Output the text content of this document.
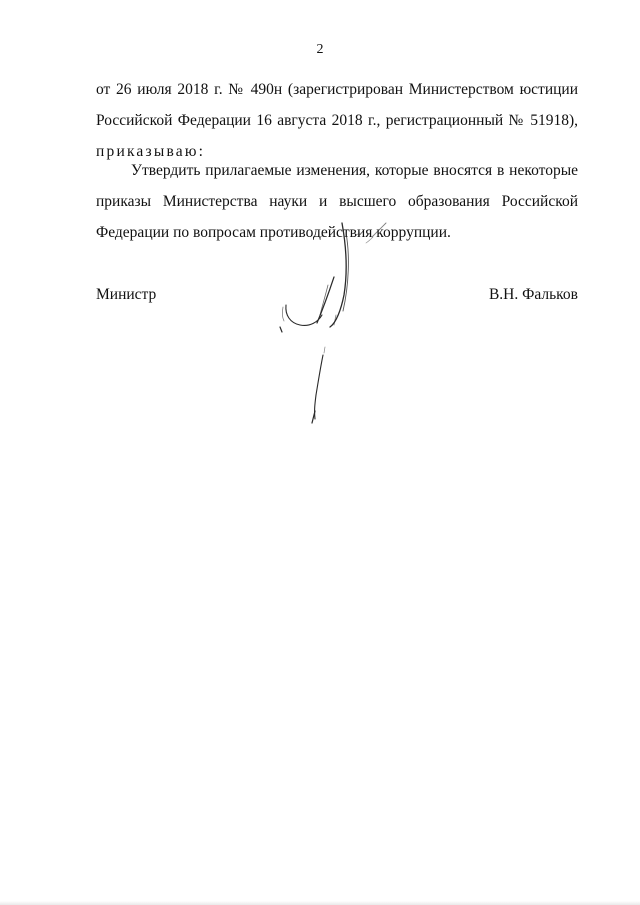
2
от 26 июля 2018 г. № 490н (зарегистрирован Министерством юстиции
Российской Федерации 16 августа 2018 г., регистрационный № 51918),
приказываю:
Утвердить прилагаемые изменения, которые вносятся в некоторые
приказы Министерства науки и высшего образования Российской
Федерации по вопросам противодействия коррупции.
Министр	В.Н. Фальков
